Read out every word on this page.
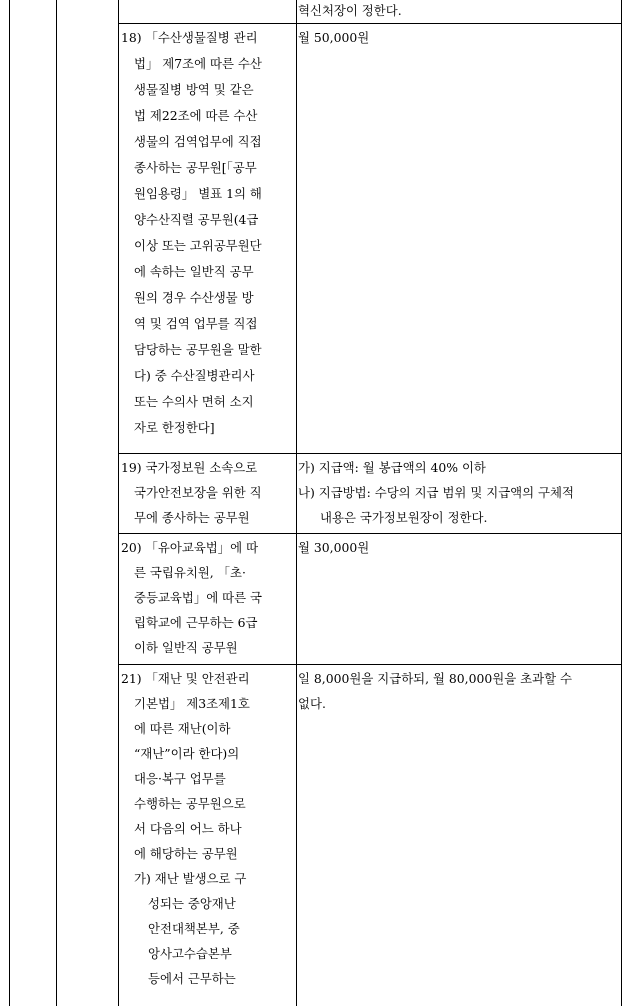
혁신처장이 정한다.
18) 「수산생물질병 관리
법」 제7조에 따른 수산
생물질병 방역 및 같은
법 제22조에 따른 수산
생물의 검역업무에 직접
종사하는 공무원[「공무
원임용령」 별표 1의 해
양수산직렬 공무원(4급
이상 또는 고위공무원단
에 속하는 일반직 공무
원의 경우 수산생물 방
역 및 검역 업무를 직접
담당하는 공무원을 말한
다) 중 수산질병관리사
또는 수의사 면허 소지
자로 한정한다]
월 50,000원
19) 국가정보원 소속으로
국가안전보장을 위한 직
무에 종사하는 공무원
가) 지급액: 월 봉급액의 40% 이하
나) 지급방법: 수당의 지급 범위 및 지급액의 구체적
내용은 국가정보원장이 정한다.
20) 「유아교육법」에 따
른 국립유치원, 「초·
중등교육법」에 따른 국
립학교에 근무하는 6급
이하 일반직 공무원
월 30,000원
21) 「재난 및 안전관리
기본법」 제3조제1호
에 따른 재난(이하
“재난”이라 한다)의
대응·복구 업무를
수행하는 공무원으로
서 다음의 어느 하나
에 해당하는 공무원
가) 재난 발생으로 구
성되는 중앙재난
안전대책본부, 중
앙사고수습본부
등에서 근무하는
일 8,000원을 지급하되, 월 80,000원을 초과할 수
없다.
